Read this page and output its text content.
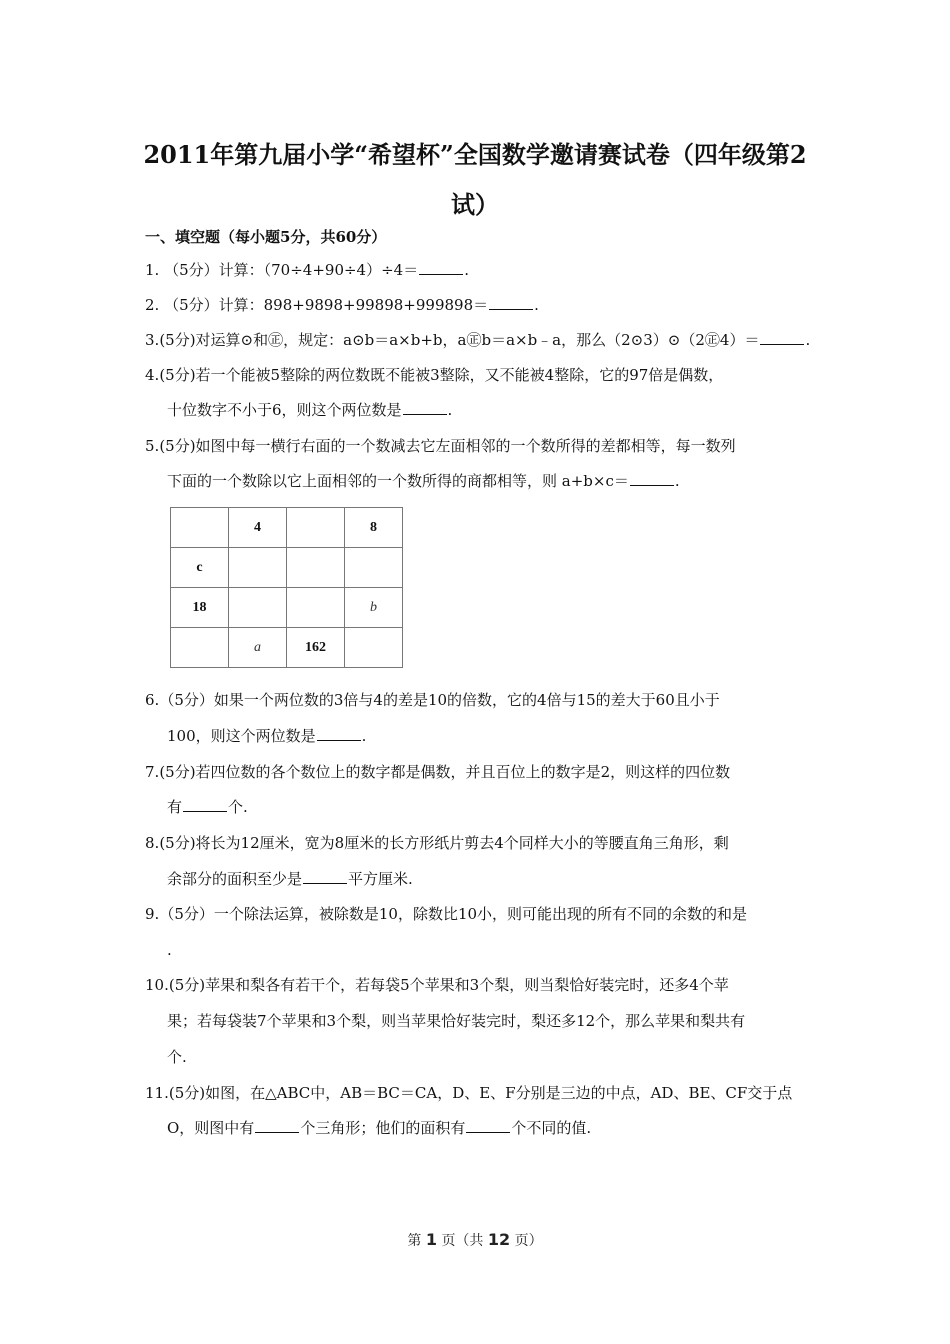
2011年第九届小学“希望杯”全国数学邀请赛试卷（四年级第2
试）
一、填空题（每小题5分，共60分）
1. （5分）计算：（70÷4+90÷4）÷4＝	.
2. （5分）计算：898+9898+99898+999898＝	.
3.(5分)对运算⊙和㊣，规定：a⊙b＝a×b+b，a㊣b＝a×b﹣a，那么（2⊙3）⊙（2㊣4）＝	.
4.(5分)若一个能被5整除的两位数既不能被3整除，又不能被4整除，它的97倍是偶数，
十位数字不小于6，则这个两位数是	.
5.(5分)如图中每一横行右面的一个数减去它左面相邻的一个数所得的差都相等，每一数列
下面的一个数除以它上面相邻的一个数所得的商都相等，则 a+b×c＝	.
	4		8
c			
18			b
	a	162	
6.（5分）如果一个两位数的3倍与4的差是10的倍数，它的4倍与15的差大于60且小于
100，则这个两位数是	.
7.(5分)若四位数的各个数位上的数字都是偶数，并且百位上的数字是2，则这样的四位数
有	个.
8.(5分)将长为12厘米，宽为8厘米的长方形纸片剪去4个同样大小的等腰直角三角形，剩
余部分的面积至少是	平方厘米.
9.（5分）一个除法运算，被除数是10，除数比10小，则可能出现的所有不同的余数的和是
.
10.(5分)苹果和梨各有若干个，若每袋5个苹果和3个梨，则当梨恰好装完时，还多4个苹
果；若每袋装7个苹果和3个梨，则当苹果恰好装完时，梨还多12个，那么苹果和梨共有
个.
11.(5分)如图，在△ABC中，AB＝BC＝CA，D、E、F分别是三边的中点，AD、BE、CF交于点
O，则图中有	个三角形；他们的面积有	个不同的值.
第 1 页（共 12 页）
